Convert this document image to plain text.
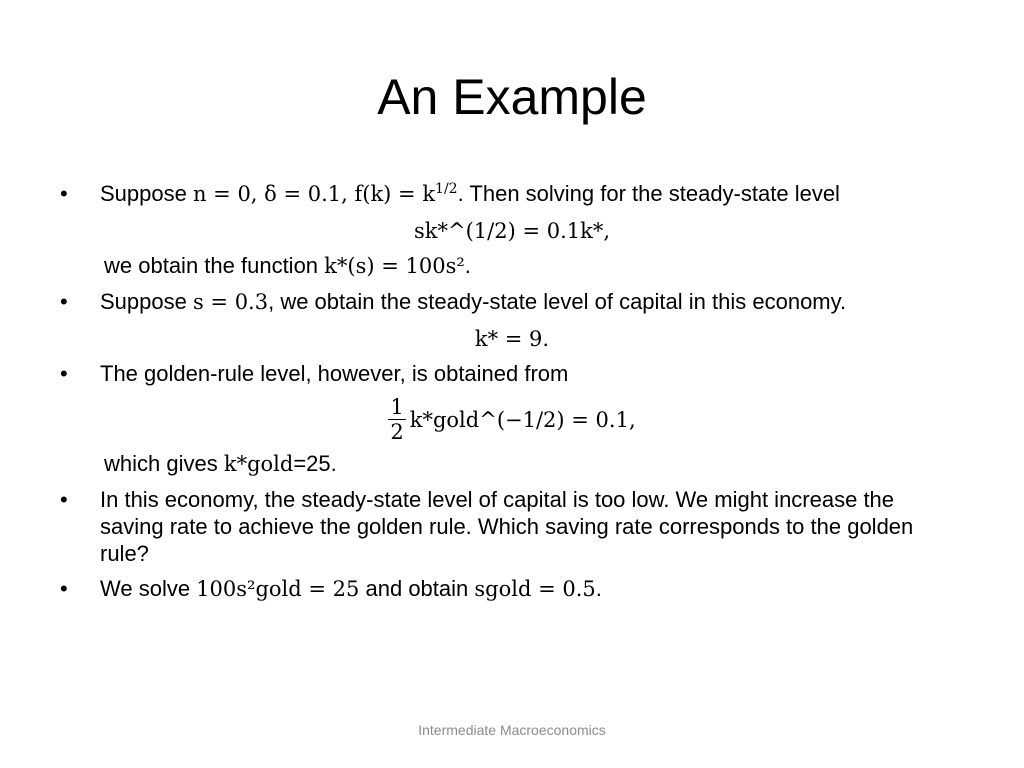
An Example
• Suppose n = 0, δ = 0.1, $f(k) = k^{1/2}$. Then solving for the steady-state level
sk*^(1/2) = 0.1k*,
we obtain the function k*(s) = 100s².
• Suppose s = 0.3, we obtain the steady-state level of capital in this economy.
k* = 9.
• The golden-rule level, however, is obtained from
$\frac{1}{2}$ k*gold^(−1/2) = 0.1,
which gives k*gold=25.
• In this economy, the steady-state level of capital is too low. We might increase the saving rate to achieve the golden rule. Which saving rate corresponds to the golden rule?
• We solve 100s²gold = 25 and obtain sgold = 0.5.
Intermediate Macroeconomics
